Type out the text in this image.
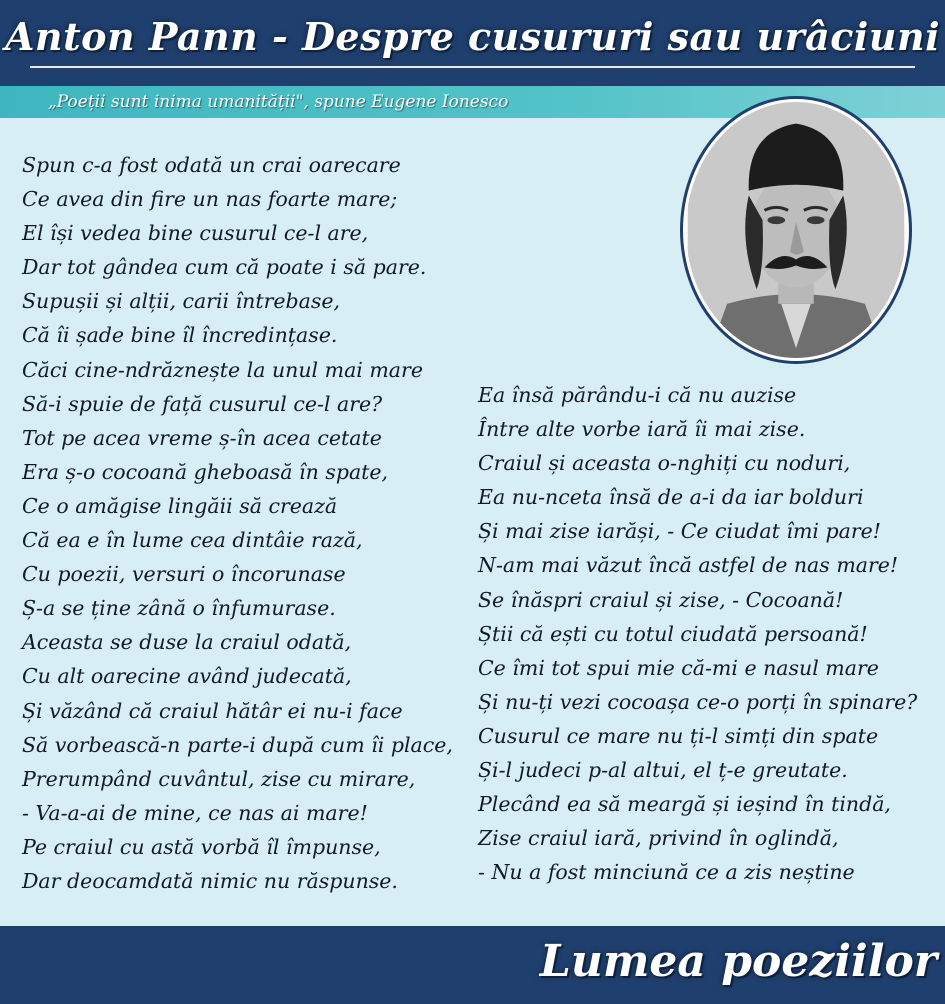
Anton Pann - Despre cusururi sau urâciuni
„Poeții sunt inima umanității", spune Eugene Ionesco
Spun c-a fost odată un crai oarecare
Ce avea din fire un nas foarte mare;
El își vedea bine cusurul ce-l are,
Dar tot gândea cum că poate i să pare.
Supușii și alții, carii întrebase,
Că îi șade bine îl încredințase.
Căci cine-ndrăznește la unul mai mare
Să-i spuie de față cusurul ce-l are?
Tot pe acea vreme ș-în acea cetate
Era ș-o cocoană gheboasă în spate,
Ce o amăgise lingăii să crează
Că ea e în lume cea dintâie rază,
Cu poezii, versuri o încorunase
Ș-a se ține zână o înfumurase.
Aceasta se duse la craiul odată,
Cu alt oarecine având judecată,
Și văzând că craiul hătâr ei nu-i face
Să vorbească-n parte-i după cum îi place,
Prerumpând cuvântul, zise cu mirare,
- Va-a-ai de mine, ce nas ai mare!
Pe craiul cu astă vorbă îl împunse,
Dar deocamdată nimic nu răspunse.
Ea însă părându-i că nu auzise
Între alte vorbe iară îi mai zise.
Craiul și aceasta o-nghiți cu noduri,
Ea nu-nceta însă de a-i da iar bolduri
Și mai zise iarăși, - Ce ciudat îmi pare!
N-am mai văzut încă astfel de nas mare!
Se înăspri craiul și zise, - Cocoană!
Știi că ești cu totul ciudată persoană!
Ce îmi tot spui mie că-mi e nasul mare
Și nu-ți vezi cocoașa ce-o porți în spinare?
Cusurul ce mare nu ți-l simți din spate
Și-l judeci p-al altui, el ț-e greutate.
Plecând ea să meargă și ieșind în tindă,
Zise craiul iară, privind în oglindă,
- Nu a fost minciună ce a zis neștine
Lumea poeziilor
